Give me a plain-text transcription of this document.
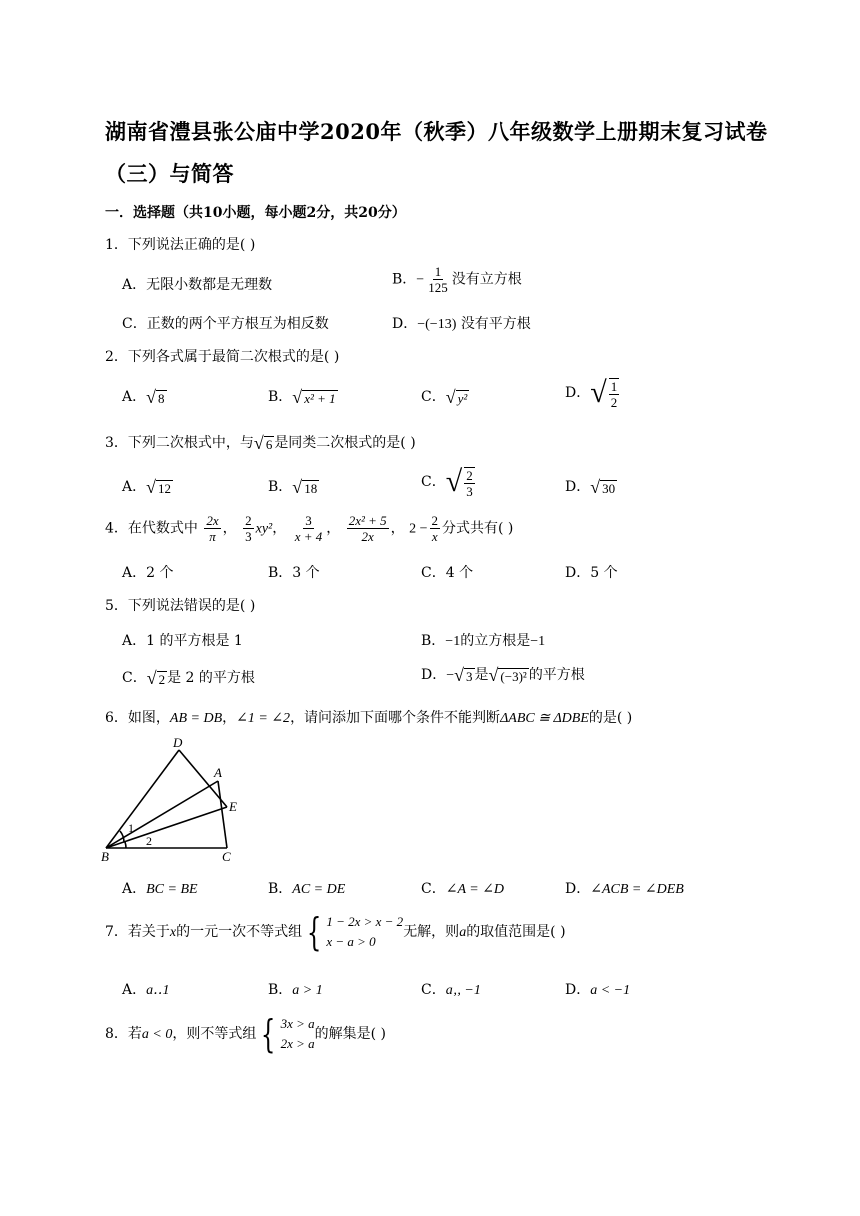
湖南省澧县张公庙中学2020年（秋季）八年级数学上册期末复习试卷
（三）与简答
一．选择题（共10小题，每小题2分，共20分）
1．下列说法正确的是( )
A．无限小数都是无理数	B．− $\frac{1}{125}$ 没有立方根
C．正数的两个平方根互为相反数	D．−(−13) 没有平方根
2．下列各式属于最简二次根式的是( )
A． √ 8	B． √ x² + 1	C． √ y²	D． √ $\frac{1}{2}$
3．下列二次根式中，与 √ 6 是同类二次根式的是( )
A． √ 12	B． √ 18	C． √ $\frac{2}{3}$	D． √ 30
4．在代数式中 $\frac{2x}{\pi}$ ， $\frac{2}{3} xy^2$， $\frac{3}{x + 4}$ ， $\frac{\text{2x² + 5}}{2x}$ ， $2 - \frac{2}{x}$ 分式共有( )
A．2 个	B．3 个	C．4 个	D．5 个
5．下列说法错误的是( )
A．1 的平方根是 1	B．−1的立方根是−1
C． √ 2 是 2 的平方根	D．− √ 3 是 √ (−3)² 的平方根
6．如图，AB = DB，∠1 = ∠2，请问添加下面哪个条件不能判断ΔABC ≅ ΔDBE的是( )
D
A
E
B	C
1
2
A．BC = BE	B．AC = DE	C．∠A = ∠D	D．∠ACB = ∠DEB
7．若关于x的一元一次不等式组 { 1 − 2x > x − 2
x − a > 0
无解，则a的取值范围是( )
A．a‥1	B．a > 1	C．a‚, −1	D．a < −1
8．若a < 0，则不等式组 { 3x > a
2x > a
的解集是( )
